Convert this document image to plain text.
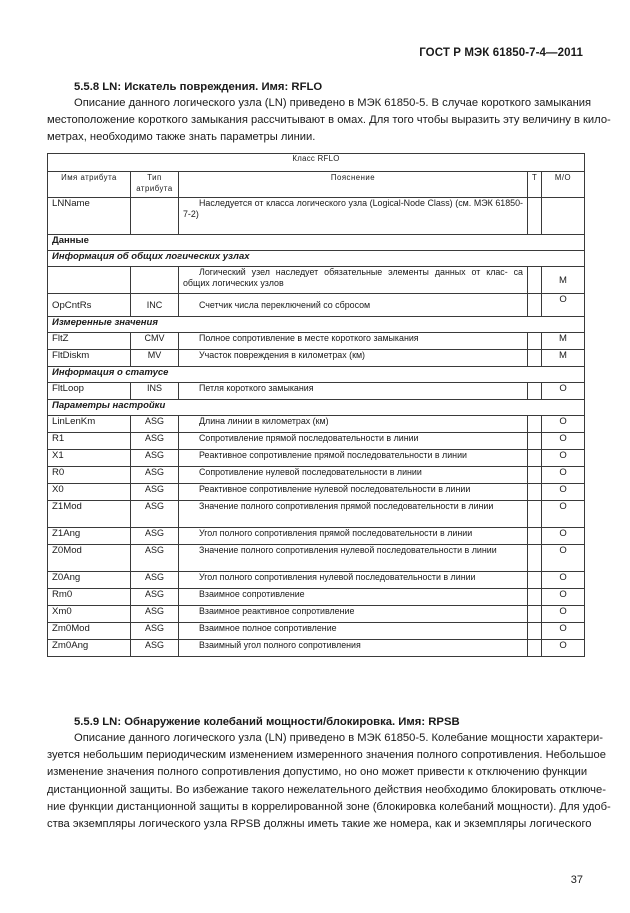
ГОСТ Р МЭК 61850-7-4—2011
5.5.8 LN: Искатель повреждения. Имя: RFLO
Описание данного логического узла (LN) приведено в МЭК 61850-5. В случае короткого замыкания
местоположение короткого замыкания рассчитывают в омах. Для того чтобы выразить эту величину в кило-
метрах, необходимо также знать параметры линии.
Класс RFLO				
Имя атрибута	Тип атрибута	Пояснение	Т	М/О
LNName		Наследуется от класса логического узла (Logical-Node Class) (см. МЭК 61850-7-2)		
Данные				
Информация об общих логических узлах				
		Логический узел наследует обязательные элементы данных от клас- са общих логических узлов		M
OpCntRs	INC	Счетчик числа переключений со сбросом		O
Измеренные значения				
FltZ	CMV	Полное сопротивление в месте короткого замыкания		M
FltDiskm	MV	Участок повреждения в километрах (км)		M
Информация о статусе				
FltLoop	INS	Петля короткого замыкания		O
Параметры настройки				
LinLenKm	ASG	Длина линии в километрах (км)		O
R1	ASG	Сопротивление прямой последовательности в линии		O
X1	ASG	Реактивное сопротивление прямой последовательности в линии		O
R0	ASG	Сопротивление нулевой последовательности в линии		O
X0	ASG	Реактивное сопротивление нулевой последовательности в линии		O
Z1Mod	ASG	Значение полного сопротивления прямой последовательности в линии		O
Z1Ang	ASG	Угол полного сопротивления прямой последовательности в линии		O
Z0Mod	ASG	Значение полного сопротивления нулевой последовательности в линии		O
Z0Ang	ASG	Угол полного сопротивления нулевой последовательности в линии		O
Rm0	ASG	Взаимное сопротивление		O
Xm0	ASG	Взаимное реактивное сопротивление		O
Zm0Mod	ASG	Взаимное полное сопротивление		O
Zm0Ang	ASG	Взаимный угол полного сопротивления		O
5.5.9 LN: Обнаружение колебаний мощности/блокировка. Имя: RPSB
Описание данного логического узла (LN) приведено в МЭК 61850-5. Колебание мощности характери-
зуется небольшим периодическим изменением измеренного значения полного сопротивления. Небольшое
изменение значения полного сопротивления допустимо, но оно может привести к отключению функции
дистанционной защиты. Во избежание такого нежелательного действия необходимо блокировать отключе-
ние функции дистанционной защиты в коррелированной зоне (блокировка колебаний мощности). Для удоб-
ства экземпляры логического узла RPSB должны иметь такие же номера, как и экземпляры логического
37
